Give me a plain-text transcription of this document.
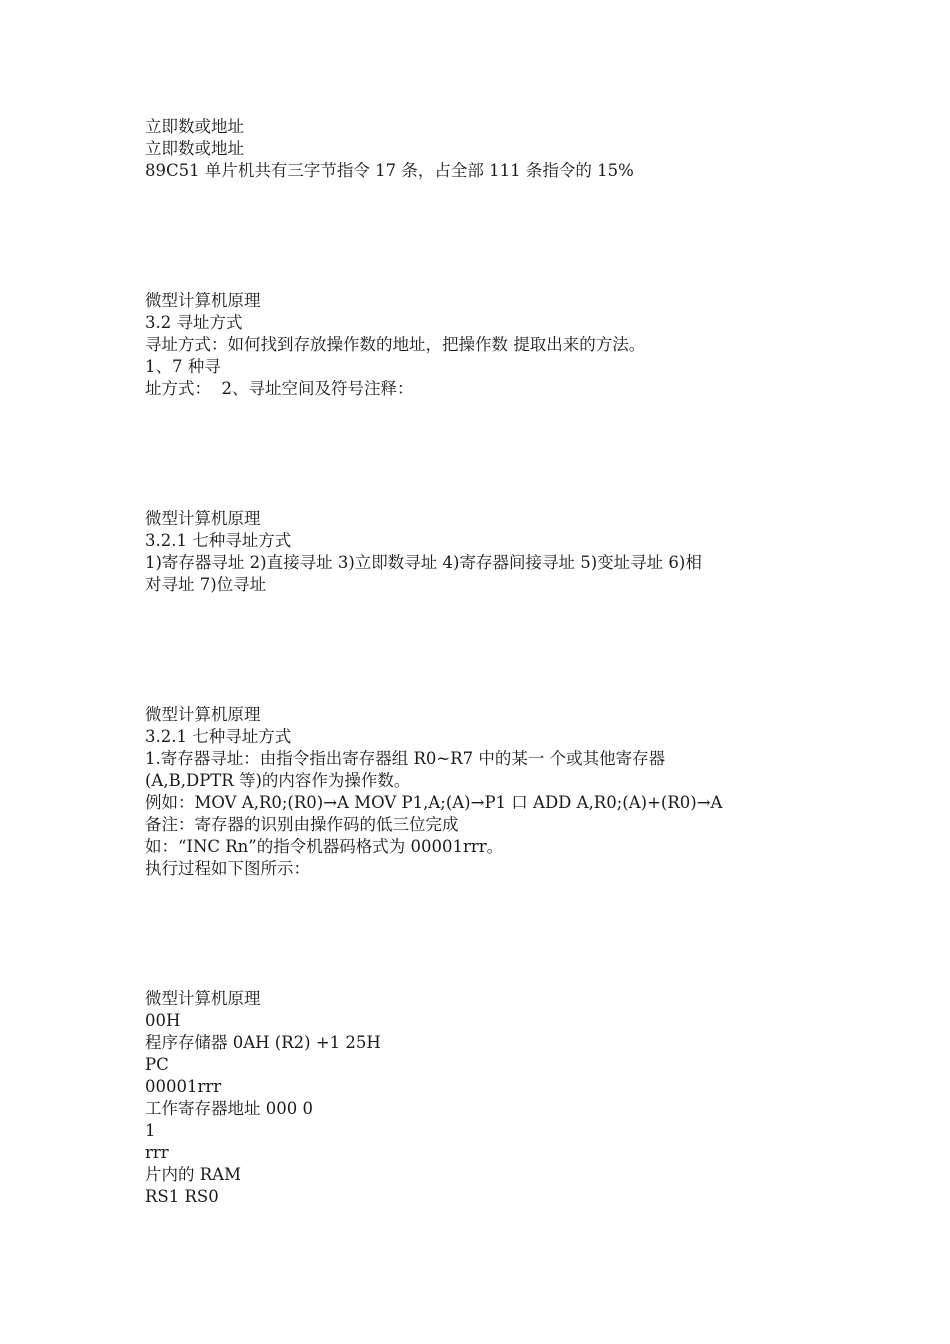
立即数或地址

立即数或地址

89C51 单片机共有三字节指令 17 条，占全部 111 条指令的 15%

微型计算机原理

3.2 寻址方式

寻址方式：如何找到存放操作数的地址，把操作数 提取出来的方法。

1、7 种寻

址方式：  2、寻址空间及符号注释：

微型计算机原理

3.2.1 七种寻址方式

1)寄存器寻址 2)直接寻址 3)立即数寻址 4)寄存器间接寻址 5)变址寻址 6)相

对寻址 7)位寻址

微型计算机原理

3.2.1 七种寻址方式

1.寄存器寻址：由指令指出寄存器组 R0~R7 中的某一 个或其他寄存器

(A,B,DPTR 等)的内容作为操作数。

例如：MOV A,R0;(R0)→A MOV P1,A;(A)→P1 口 ADD A,R0;(A)+(R0)→A

备注：寄存器的识别由操作码的低三位完成

如：“INC Rn”的指令机器码格式为 00001rrr。

执行过程如下图所示：

微型计算机原理

00H

程序存储器 0AH (R2) +1 25H

PC

00001rrr

工作寄存器地址 000 0

1

rrr

片内的 RAM

RS1 RS0
